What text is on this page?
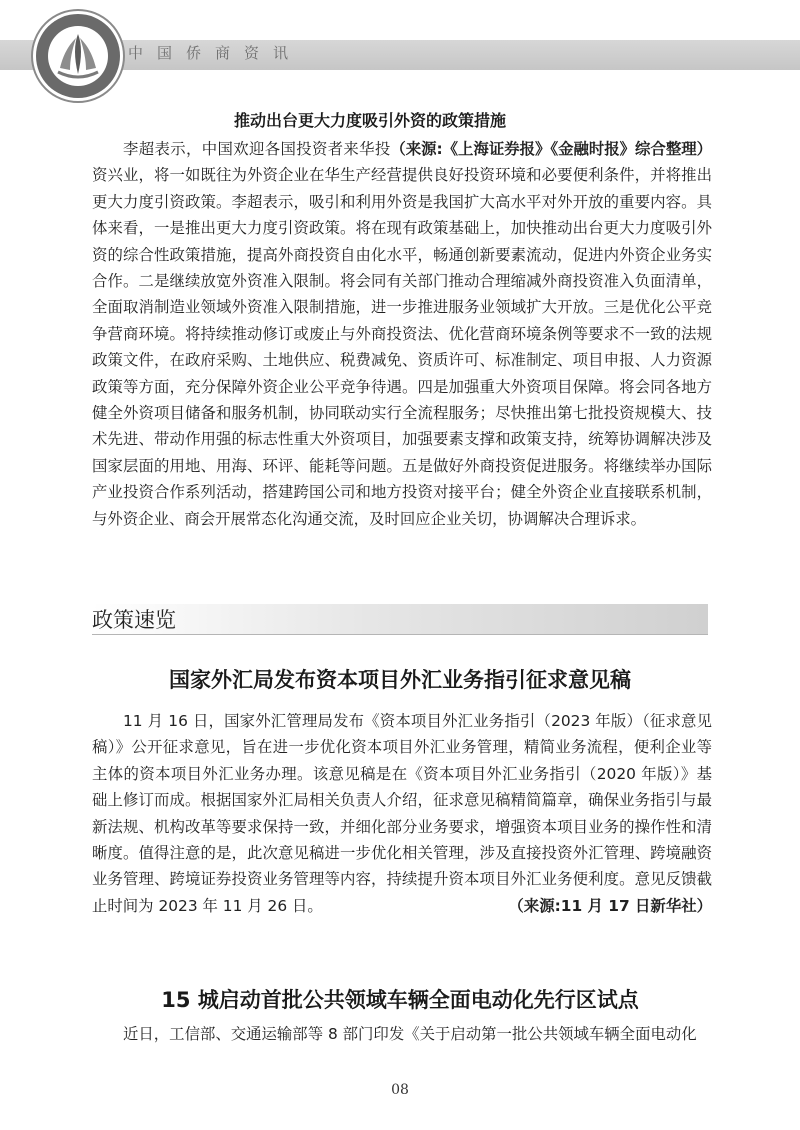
中国侨商资讯
推动出台更大力度吸引外资的政策措施
（来源:《上海证券报》《金融时报》综合整理）
李超表示，中国欢迎各国投资者来华投资兴业，将一如既往为外资企业在华生产经营提供良好投资环境和必要便利条件，并将推出更大力度引资政策。李超表示，吸引和利用外资是我国扩大高水平对外开放的重要内容。具体来看，一是推出更大力度引资政策。将在现有政策基础上，加快推动出台更大力度吸引外资的综合性政策措施，提高外商投资自由化水平，畅通创新要素流动，促进内外资企业务实合作。二是继续放宽外资准入限制。将会同有关部门推动合理缩减外商投资准入负面清单，全面取消制造业领域外资准入限制措施，进一步推进服务业领域扩大开放。三是优化公平竞争营商环境。将持续推动修订或废止与外商投资法、优化营商环境条例等要求不一致的法规政策文件，在政府采购、土地供应、税费减免、资质许可、标准制定、项目申报、人力资源政策等方面，充分保障外资企业公平竞争待遇。四是加强重大外资项目保障。将会同各地方健全外资项目储备和服务机制，协同联动实行全流程服务；尽快推出第七批投资规模大、技术先进、带动作用强的标志性重大外资项目，加强要素支撑和政策支持，统筹协调解决涉及国家层面的用地、用海、环评、能耗等问题。五是做好外商投资促进服务。将继续举办国际产业投资合作系列活动，搭建跨国公司和地方投资对接平台；健全外资企业直接联系机制，与外资企业、商会开展常态化沟通交流，及时回应企业关切，协调解决合理诉求。
政策速览
国家外汇局发布资本项目外汇业务指引征求意见稿
11 月 16 日，国家外汇管理局发布《资本项目外汇业务指引（2023 年版）（征求意见稿）》公开征求意见，旨在进一步优化资本项目外汇业务管理，精简业务流程，便利企业等主体的资本项目外汇业务办理。该意见稿是在《资本项目外汇业务指引（2020 年版）》基础上修订而成。根据国家外汇局相关负责人介绍，征求意见稿精简篇章，确保业务指引与最新法规、机构改革等要求保持一致，并细化部分业务要求，增强资本项目业务的操作性和清晰度。值得注意的是，此次意见稿进一步优化相关管理，涉及直接投资外汇管理、跨境融资业务管理、跨境证券投资业务管理等内容，持续提升资本项目外汇业务便利度。意见反馈截止时间为 2023 年 11 月 26 日。	（来源:11 月 17 日新华社）
15 城启动首批公共领域车辆全面电动化先行区试点
近日，工信部、交通运输部等 8 部门印发《关于启动第一批公共领域车辆全面电动化
08
